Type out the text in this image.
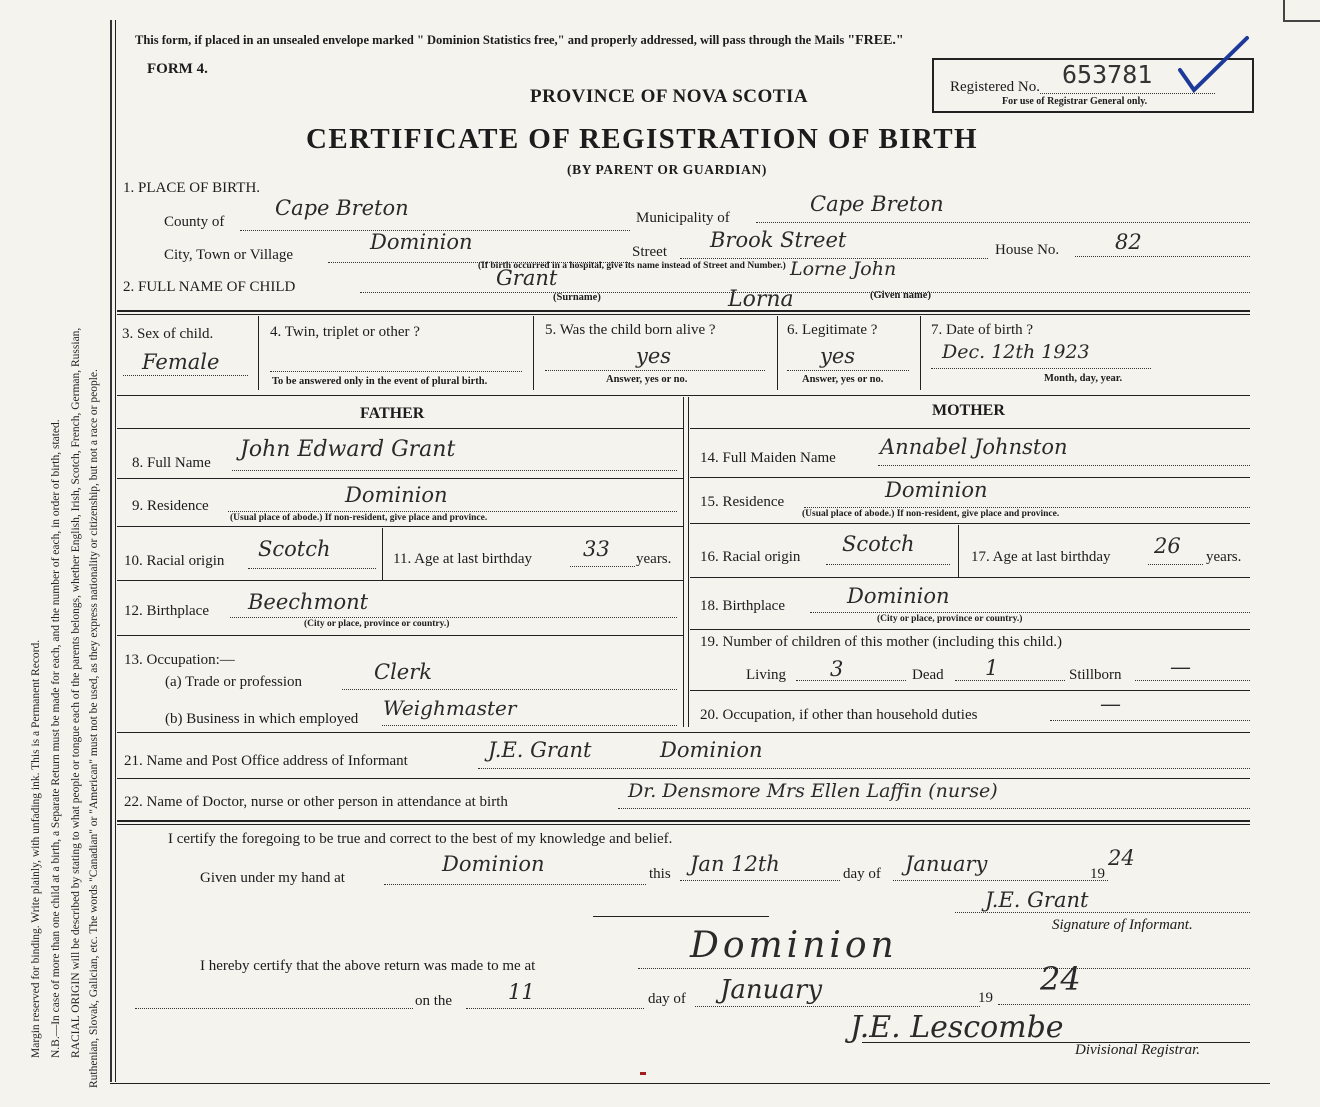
Margin reserved for binding. Write plainly, with unfading ink. This is a Permanent Record. N.B.—In case of more than one child at a birth, a Separate Return must be made for each, and the number of each, in order of birth, stated. RACIAL ORIGIN will be described by stating to what people or tongue each of the parents belongs, whether English, Irish, Scotch, French, German, Russian, Ruthenian, Slovak, Galician, etc. The words "Canadian" or "American" must not be used, as they express nationality or citizenship, but not a race or people.
This form, if placed in an unsealed envelope marked " Dominion Statistics free," and properly addressed, will pass through the Mails "FREE."
FORM 4.
PROVINCE OF NOVA SCOTIA
CERTIFICATE OF REGISTRATION OF BIRTH
(BY PARENT OR GUARDIAN)
Registered No. 653781
For use of Registrar General only.
1. PLACE OF BIRTH.
County of
Cape Breton	Municipality of
Cape Breton
City, Town or Village
Dominion	Street Brook Street	House No.	82
(If birth occurred in a hospital, give its name instead of Street and Number.)
2. FULL NAME OF CHILD	Grant	Lorne John
Lorna
(Surname)	(Given name)
3. Sex of child.
Female
4. Twin, triplet or other ?
To be answered only in the event of plural birth.
5. Was the child born alive ?
yes
Answer, yes or no.
6. Legitimate ?
yes
Answer, yes or no.
7. Date of birth ?
Dec. 12th 1923
Month, day, year.
FATHER	MOTHER
8. Full Name
John Edward Grant
9. Residence	Dominion
(Usual place of abode.) If non-resident, give place and province.
10. Racial origin Scotch	11. Age at last birthday 33 years.
12. Birthplace Beechmont
(City or place, province or country.)
13. Occupation:—
(a) Trade or profession	Clerk
(b) Business in which employed Weighmaster
14. Full Maiden Name Annabel Johnston
15. Residence	Dominion
(Usual place of abode.) If non-resident, give place and province.
16. Racial origin
Scotch
17. Age at last birthday 26 years.
18. Birthplace	Dominion
(City or place, province or country.)
19. Number of children of this mother (including this child.)
Living 3	Dead 1	Stillborn —
20. Occupation, if other than household duties	—
21. Name and Post Office address of Informant	J.E. Grant	Dominion
22. Name of Doctor, nurse or other person in attendance at birth	Dr. Densmore Mrs Ellen Laffin (nurse)
I certify the foregoing to be true and correct to the best of my knowledge and belief.
Given under my hand at
Dominion	this Jan 12th	day of January	19
24
J.E. Grant
Signature of Informant.
I hereby certify that the above return was made to me at	Dominion
on the	11	day of January	19 24
J.E. Lescombe
Divisional Registrar.
